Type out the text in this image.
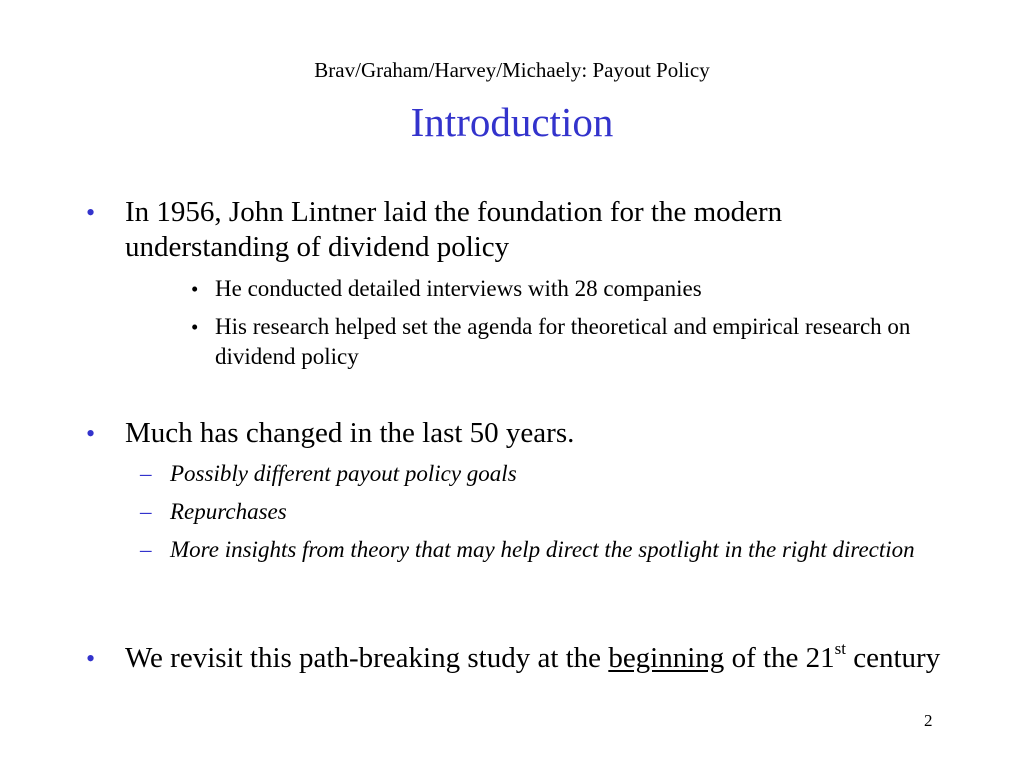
Brav/Graham/Harvey/Michaely: Payout Policy
Introduction
• In 1956, John Lintner laid the foundation for the modern understanding of dividend policy
• He conducted detailed interviews with 28 companies
• His research helped set the agenda for theoretical and empirical research on dividend policy
• Much has changed in the last 50 years.
– Possibly different payout policy goals
– Repurchases
– More insights from theory that may help direct the spotlight in the right direction
• We revisit this path-breaking study at the beginning of the 21st century
2
